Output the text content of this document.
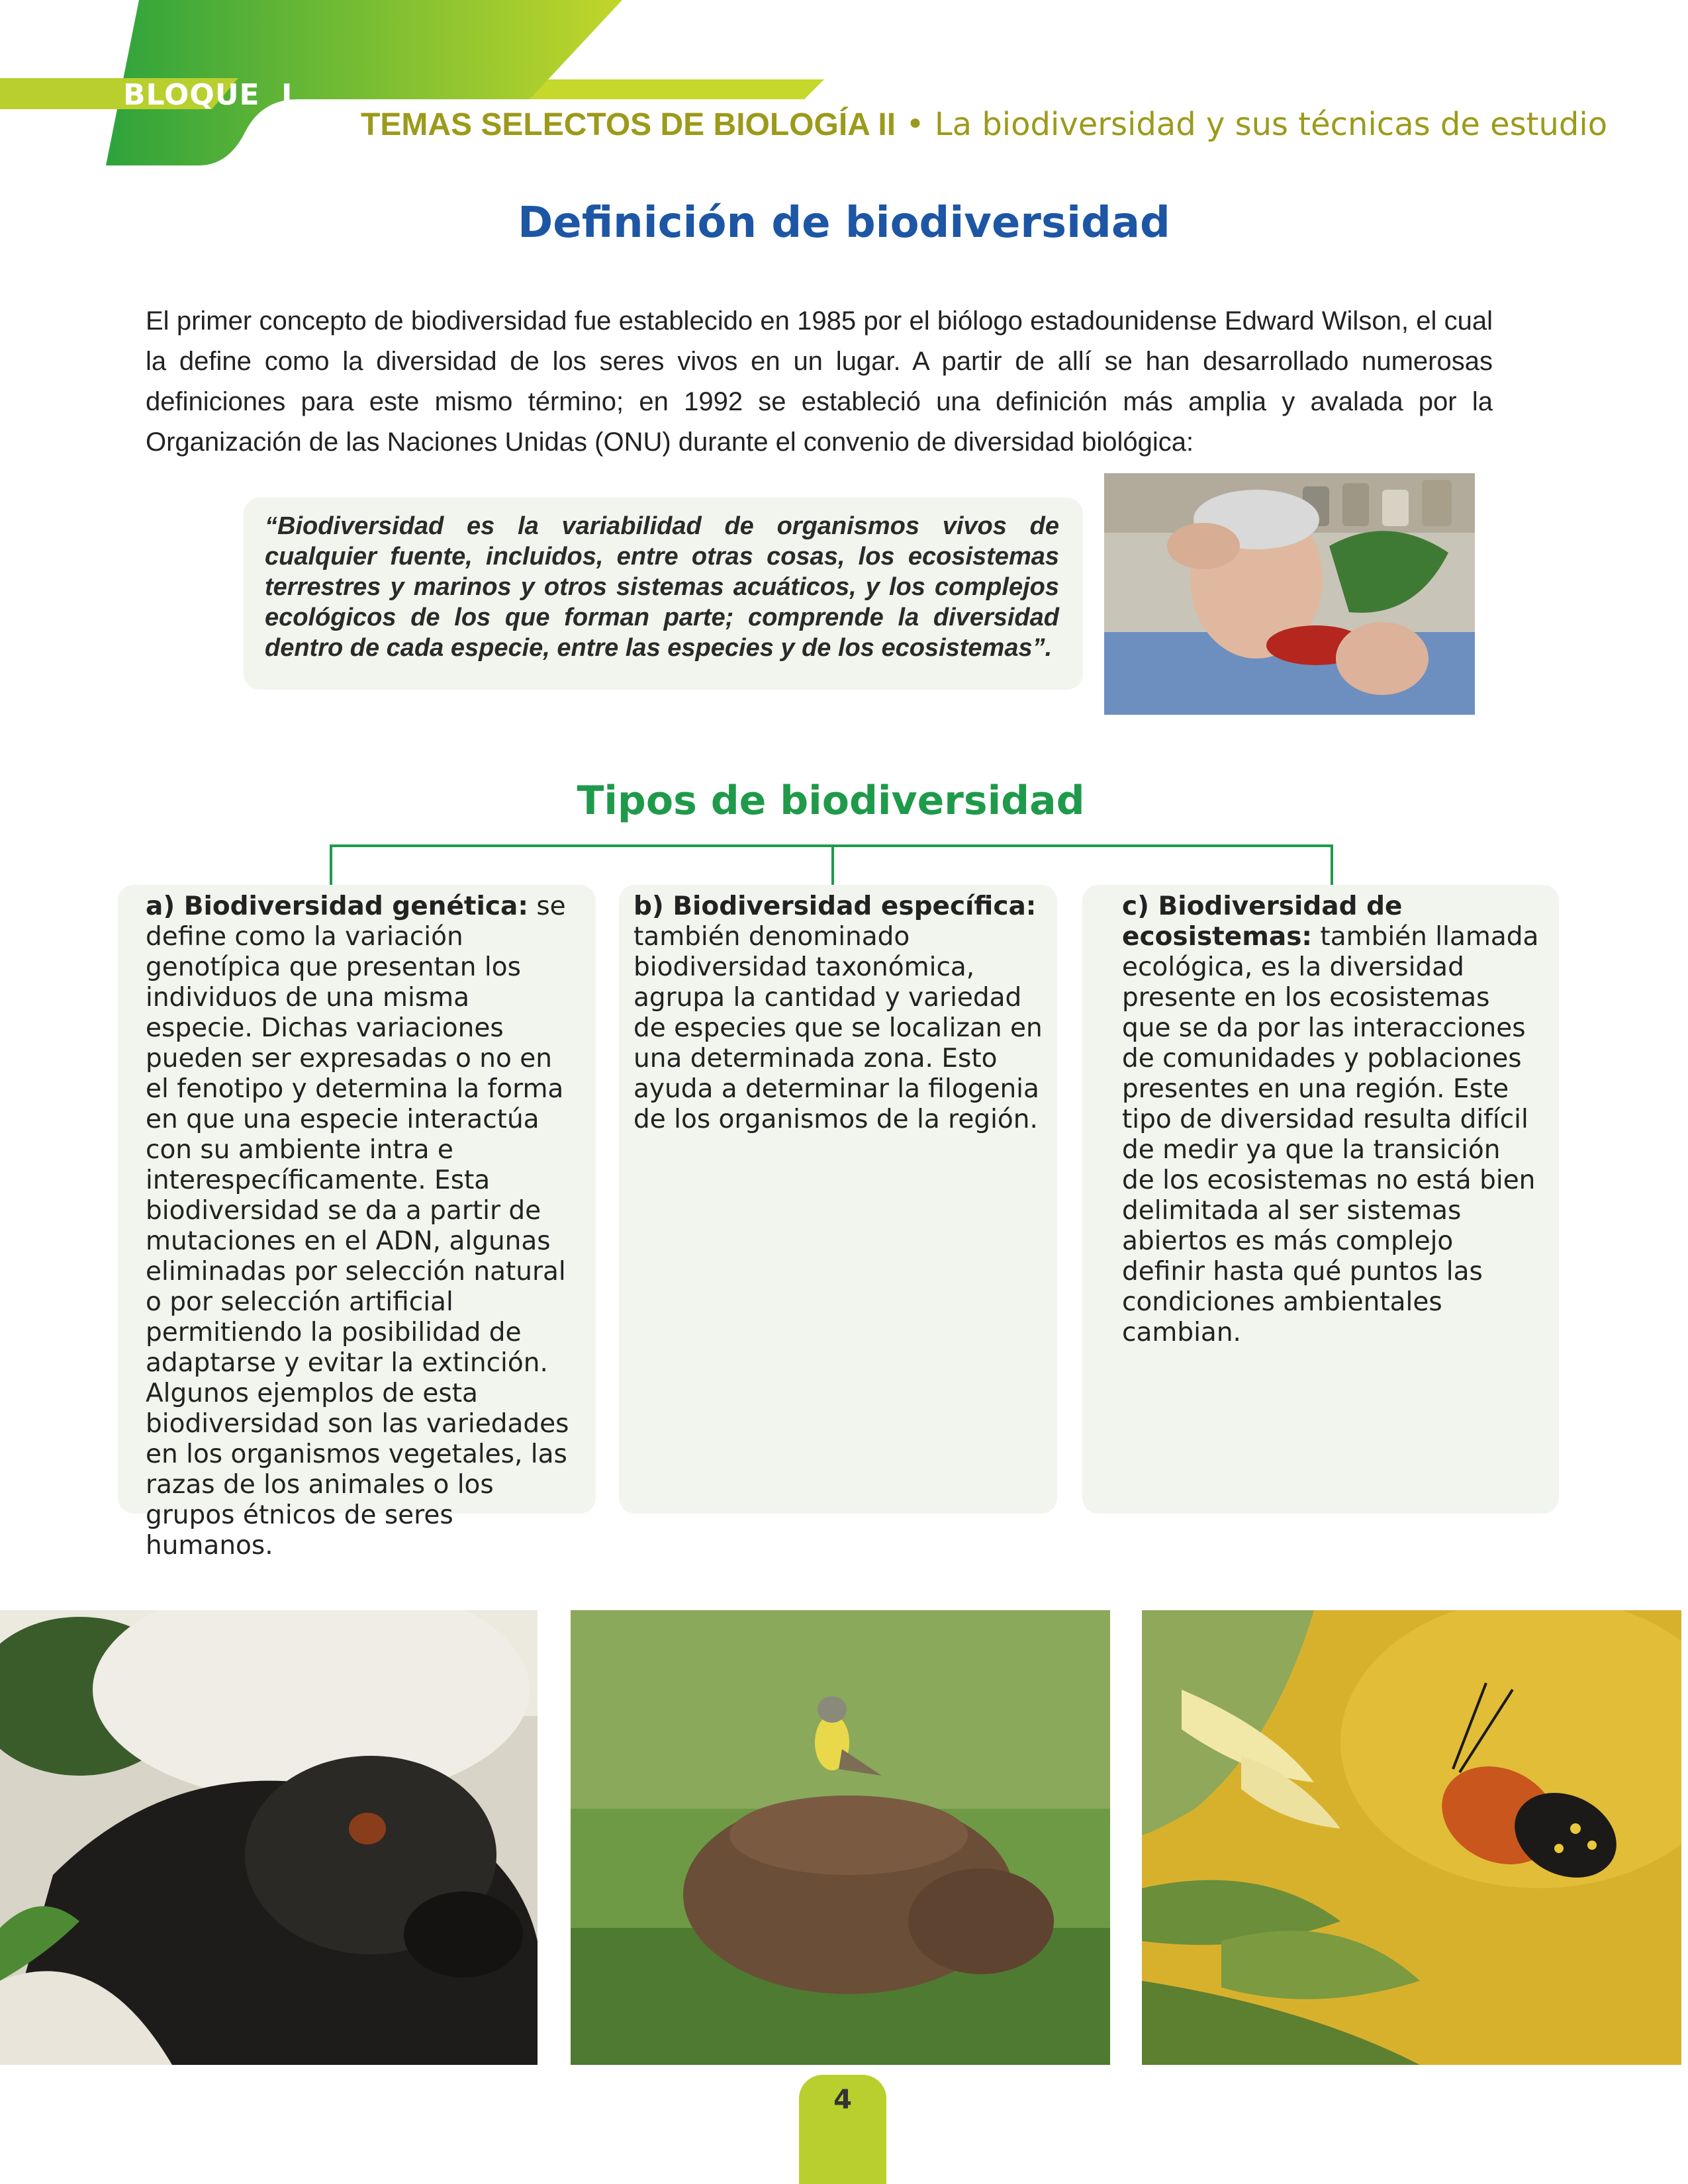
BLOQUE I
TEMAS SELECTOS DE BIOLOGÍA II • La biodiversidad y sus técnicas de estudio
Definición de biodiversidad
El primer concepto de biodiversidad fue establecido en 1985 por el biólogo estadounidense Edward Wilson, el cual la define como la diversidad de los seres vivos en un lugar. A partir de allí se han desarrollado numerosas definiciones para este mismo término; en 1992 se estableció una definición más amplia y avalada por la Organización de las Naciones Unidas (ONU) durante el convenio de diversidad biológica:
“Biodiversidad es la variabilidad de organismos vivos de cualquier fuente, incluidos, entre otras cosas, los ecosistemas terrestres y marinos y otros sistemas acuáticos, y los complejos ecológicos de los que forman parte; comprende la diversidad dentro de cada especie, entre las especies y de los ecosistemas”.
Tipos de biodiversidad
a) Biodiversidad genética: se define como la variación genotípica que presentan los individuos de una misma especie. Dichas variaciones pueden ser expresadas o no en el fenotipo y determina la forma en que una especie interactúa con su ambiente intra e interespecíficamente. Esta biodiversidad se da a partir de mutaciones en el ADN, algunas eliminadas por selección natural o por selección artificial permitiendo la posibilidad de adaptarse y evitar la extinción. Algunos ejemplos de esta biodiversidad son las variedades en los organismos vegetales, las razas de los animales o los grupos étnicos de seres humanos.
b) Biodiversidad específica: también denominado biodiversidad taxonómica, agrupa la cantidad y variedad de especies que se localizan en una determinada zona. Esto ayuda a determinar la filogenia de los organismos de la región.
c) Biodiversidad de ecosistemas: también llamada ecológica, es la diversidad presente en los ecosistemas que se da por las interacciones de comunidades y poblaciones presentes en una región. Este tipo de diversidad resulta difícil de medir ya que la transición de los ecosistemas no está bien delimitada al ser sistemas abiertos es más complejo definir hasta qué puntos las condiciones ambientales cambian.
4
